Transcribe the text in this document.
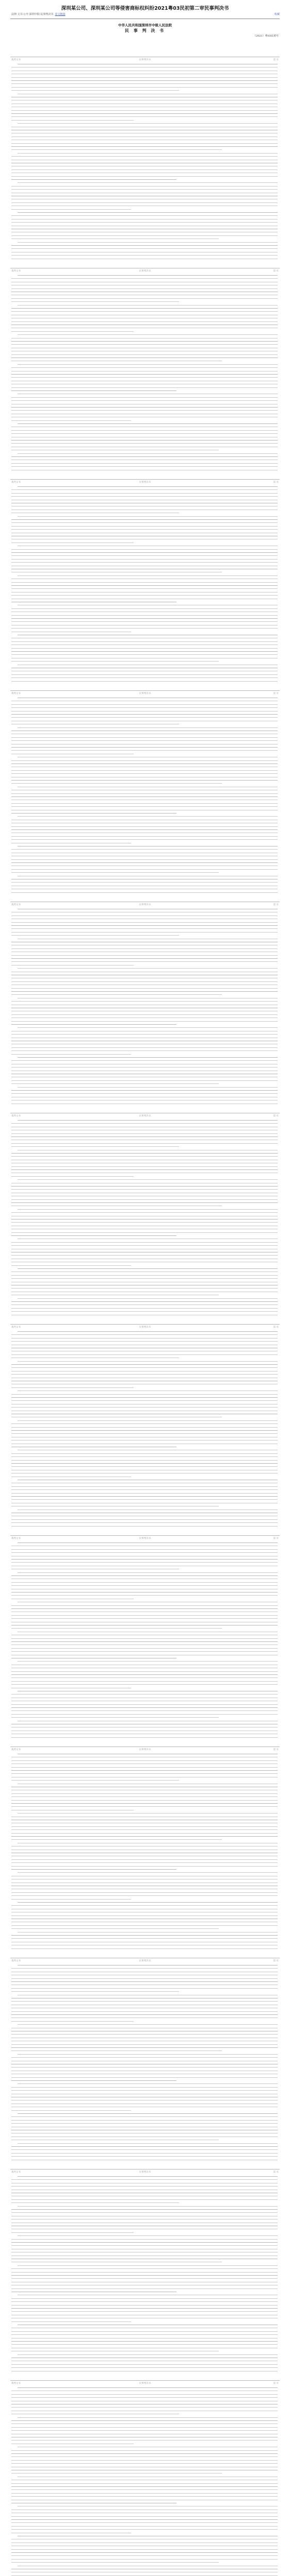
深圳某公司、深圳某公司等侵害商标权纠纷2021粤03民初第二审民事判决书
法律·文书·公开·深圳中院·民事判决书 原文链接	收藏
中华人民共和国深圳市中级人民法院
民 事 判 决 书
（2021）粤03民初号
裁判文书	民事判决书	第 页
裁判文书	民事判决书	第 页
裁判文书	民事判决书	第 页
裁判文书	民事判决书	第 页
裁判文书	民事判决书	第 页
裁判文书	民事判决书	第 页
裁判文书	民事判决书	第 页
裁判文书	民事判决书	第 页
裁判文书	民事判决书	第 页
裁判文书	民事判决书	第 页
裁判文书	民事判决书	第 页
裁判文书	民事判决书	第 页
